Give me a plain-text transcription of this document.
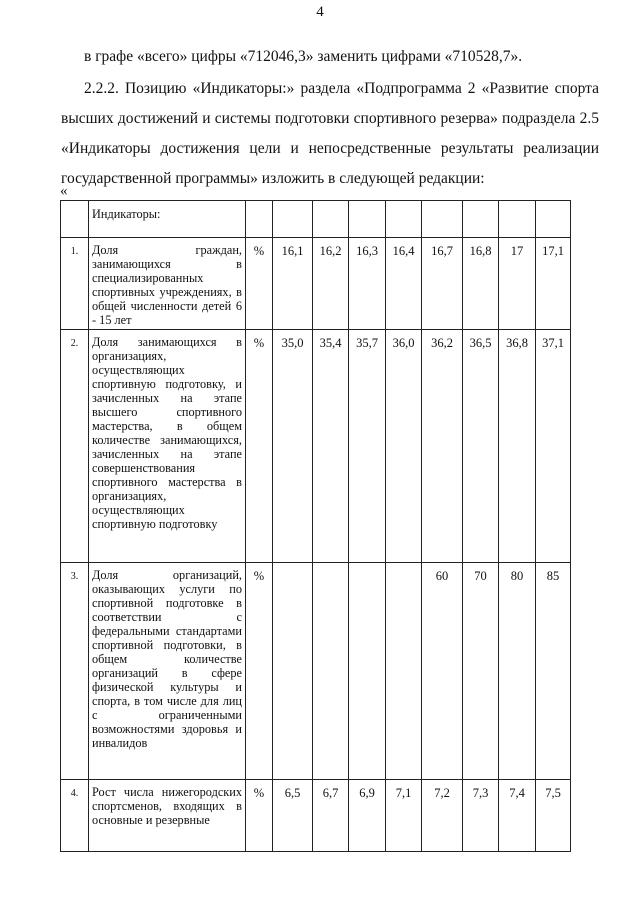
4
в графе «всего» цифры «712046,3» заменить цифрами «710528,7».
2.2.2. Позицию «Индикаторы:» раздела «Подпрограмма 2 «Развитие спорта высших достижений и системы подготовки спортивного резерва» подраздела 2.5 «Индикаторы достижения цели и непосредственные результаты реализации государственной программы» изложить в следующей редакции:
«
	Индикаторы:									
1.	Доля граждан, занимающихся в специализированных спортивных учреждениях, в общей численности детей 6 - 15 лет	%	16,1	16,2	16,3	16,4	16,7	16,8	17	17,1
2.	Доля занимающихся в организациях, осуществляющих спортивную подготовку, и зачисленных на этапе высшего спортивного мастерства, в общем количестве занимающихся, зачисленных на этапе совершенствования спортивного мастерства в организациях, осуществляющих спортивную подготовку	%	35,0	35,4	35,7	36,0	36,2	36,5	36,8	37,1
3.	Доля организаций, оказывающих услуги по спортивной подготовке в соответствии с федеральными стандартами спортивной подготовки, в общем количестве организаций в сфере физической культуры и спорта, в том числе для лиц с ограниченными возможностями здоровья и инвалидов	%					60	70	80	85
4.	Рост числа нижегородских спортсменов, входящих в основные и резервные	%	6,5	6,7	6,9	7,1	7,2	7,3	7,4	7,5
